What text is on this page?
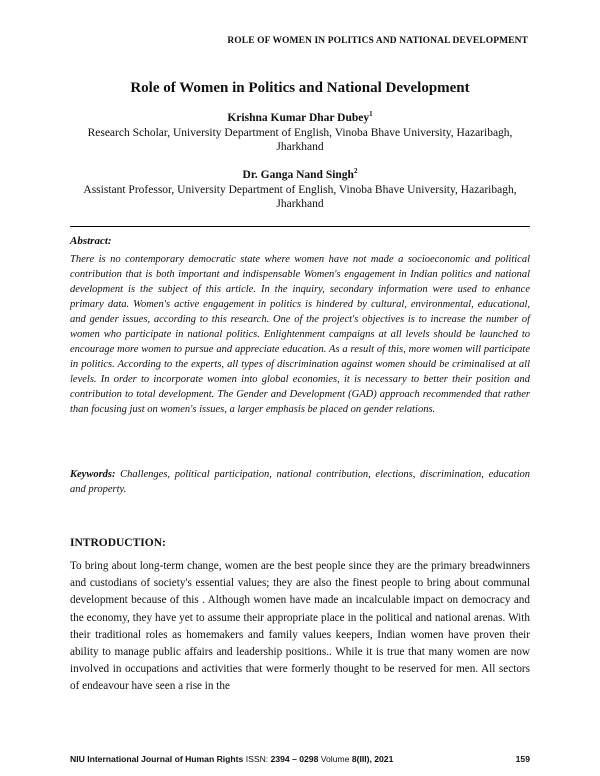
ROLE OF WOMEN IN POLITICS AND NATIONAL DEVELOPMENT
Role of Women in Politics and National Development
Krishna Kumar Dhar Dubey$^1$
Research Scholar, University Department of English, Vinoba Bhave University, Hazaribagh, Jharkhand
Dr. Ganga Nand Singh$^2$
Assistant Professor, University Department of English, Vinoba Bhave University, Hazaribagh, Jharkhand
Abstract:

There is no contemporary democratic state where women have not made a socioeconomic and political contribution that is both important and indispensable Women's engagement in Indian politics and national development is the subject of this article. In the inquiry, secondary information were used to enhance primary data. Women's active engagement in politics is hindered by cultural, environmental, educational, and gender issues, according to this research. One of the project's objectives is to increase the number of women who participate in national politics. Enlightenment campaigns at all levels should be launched to encourage more women to pursue and appreciate education. As a result of this, more women will participate in politics. According to the experts, all types of discrimination against women should be criminalised at all levels. In order to incorporate women into global economies, it is necessary to better their position and contribution to total development. The Gender and Development (GAD) approach recommended that rather than focusing just on women's issues, a larger emphasis be placed on gender relations.

Keywords: Challenges, political participation, national contribution, elections, discrimination, education and property.

INTRODUCTION:

To bring about long-term change, women are the best people since they are the primary breadwinners and custodians of society's essential values; they are also the finest people to bring about communal development because of this . Although women have made an incalculable impact on democracy and the economy, they have yet to assume their appropriate place in the political and national arenas. With their traditional roles as homemakers and family values keepers, Indian women have proven their ability to manage public affairs and leadership positions.. While it is true that many women are now involved in occupations and activities that were formerly thought to be reserved for men. All sectors of endeavour have seen a rise in the

NIU International Journal of Human Rights ISSN: 2394 – 0298 Volume 8(III), 2021	159
